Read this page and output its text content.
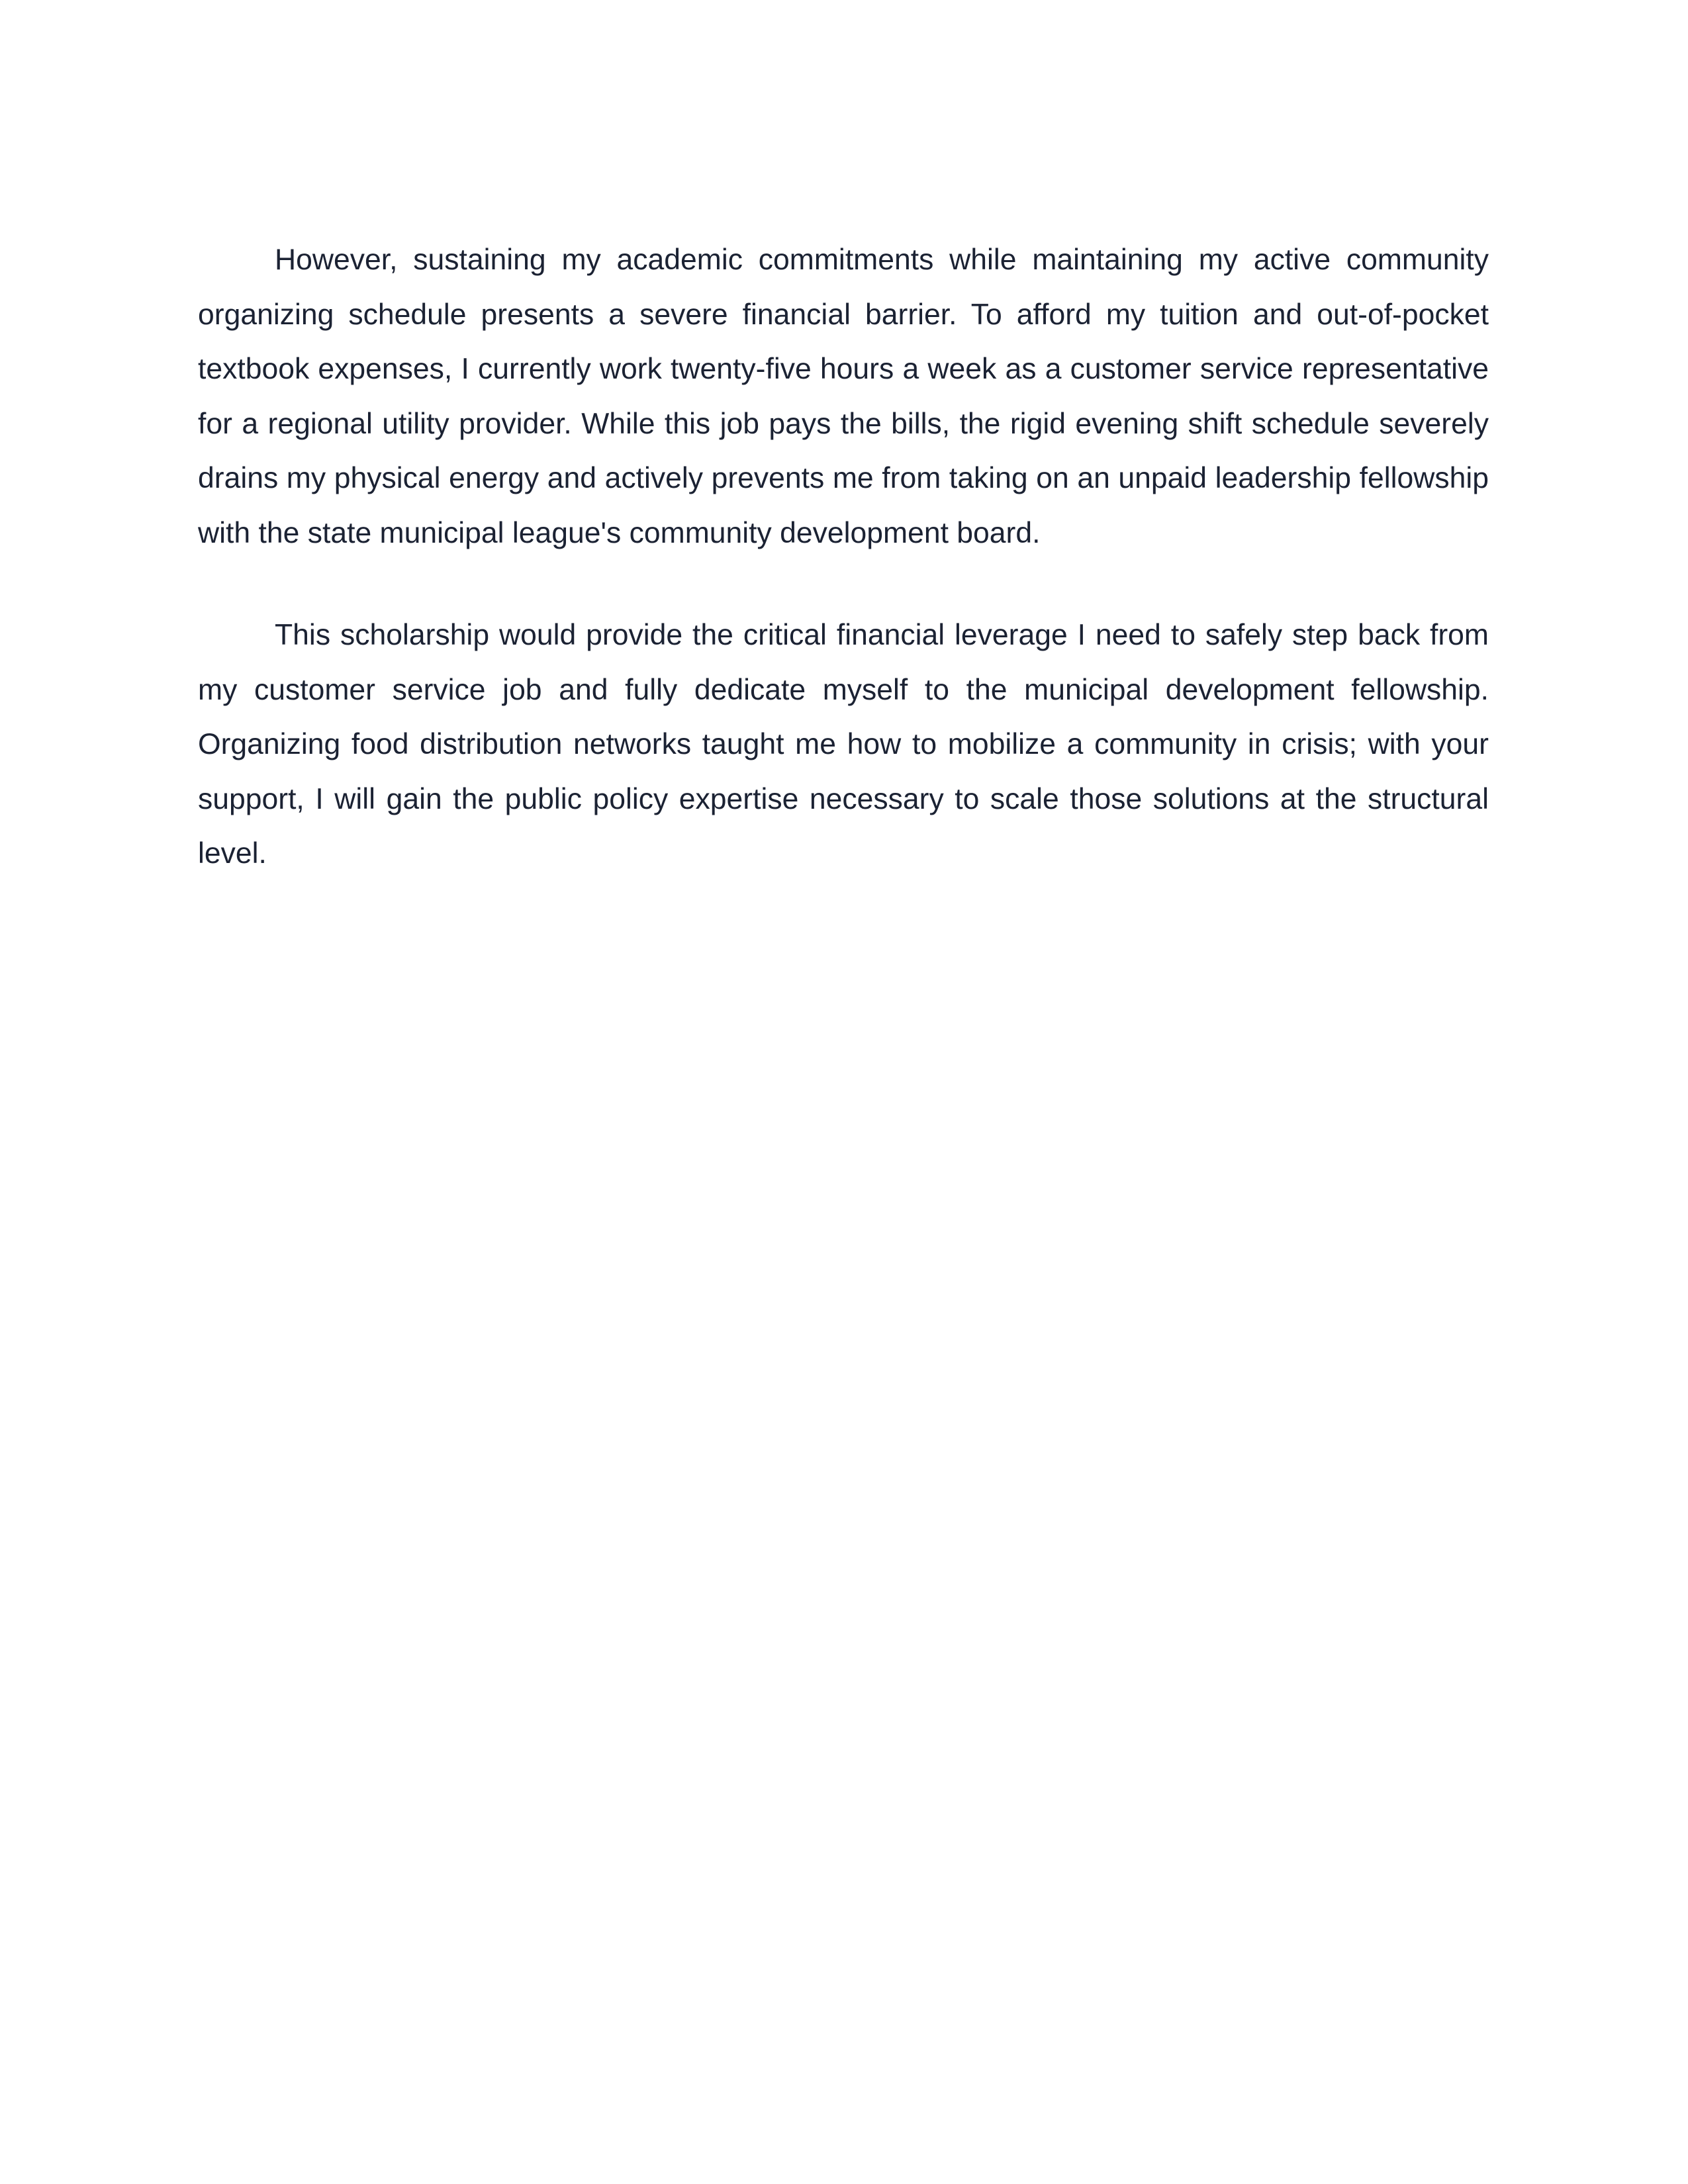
However, sustaining my academic commitments while maintaining my active community organizing schedule presents a severe financial barrier. To afford my tuition and out-of-pocket textbook expenses, I currently work twenty-five hours a week as a customer service representative for a regional utility provider. While this job pays the bills, the rigid evening shift schedule severely drains my physical energy and actively prevents me from taking on an unpaid leadership fellowship with the state municipal league's community development board.

This scholarship would provide the critical financial leverage I need to safely step back from my customer service job and fully dedicate myself to the municipal development fellowship. Organizing food distribution networks taught me how to mobilize a community in crisis; with your support, I will gain the public policy expertise necessary to scale those solutions at the structural level.
